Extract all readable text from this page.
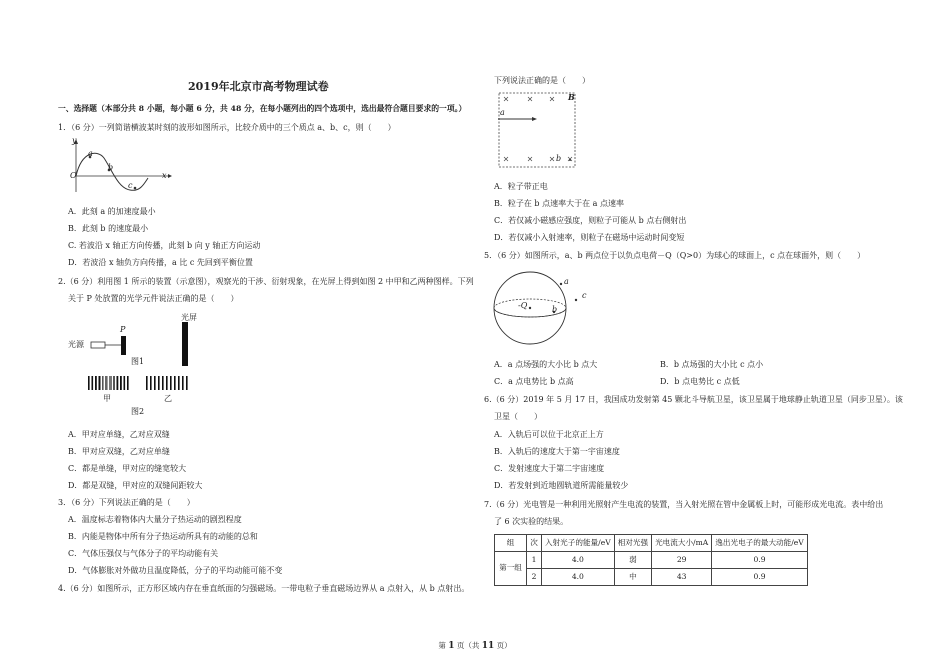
2019年北京市高考物理试卷
一、选择题（本部分共 8 小题，每小题 6 分，共 48 分，在每小题列出的四个选项中，选出最符合题目要求的一项。）
1．（6 分）一列简谐横波某时刻的波形如图所示，比较介质中的三个质点 a、b、c，则（　　）
y
O	x
a
b
c
A．此刻 a 的加速度最小
B．此刻 b 的速度最小
C. 若波沿 x 轴正方向传播，此刻 b 向 y 轴正方向运动
D．若波沿 x 轴负方向传播，a 比 c 先回到平衡位置
2.（6 分）利用图 1 所示的装置（示意图），观察光的干涉、衍射现象，在光屏上得到如图 2 中甲和乙两种图样。下列
关于 P 处放置的光学元件说法正确的是（　　）
光源
P
光屏
图1
甲	乙
图2
A．甲对应单缝，乙对应双缝
B．甲对应双缝，乙对应单缝
C．都是单缝，甲对应的缝宽较大
D．都是双缝，甲对应的双缝间距较大
3．（6 分）下列说法正确的是（　　）
A．温度标志着物体内大量分子热运动的剧烈程度
B．内能是物体中所有分子热运动所具有的动能的总和
C．气体压强仅与气体分子的平均动能有关
D．气体膨胀对外做功且温度降低，分子的平均动能可能不变
4.（6 分）如图所示，正方形区域内存在垂直纸面的匀强磁场。一带电粒子垂直磁场边界从 a 点射入，从 b 点射出。
下列说法正确的是（　　）
B
a
b
A．粒子带正电
B．粒子在 b 点速率大于在 a 点速率
C．若仅减小磁感应强度，则粒子可能从 b 点右侧射出
D．若仅减小入射速率，则粒子在磁场中运动时间变短
5．（6 分）如图所示，a、b 两点位于以负点电荷－Q（Q>0）为球心的球面上，c 点在球面外，则（　　）
-Q
a
b
c
A．a 点场强的大小比 b 点大	B．b 点场强的大小比 c 点小
C．a 点电势比 b 点高	D．b 点电势比 c 点低
6.（6 分）2019 年 5 月 17 日，我国成功发射第 45 颗北斗导航卫星，该卫星属于地球静止轨道卫星（同步卫星）。该
卫星（　　）
A．入轨后可以位于北京正上方
B．入轨后的速度大于第一宇宙速度
C．发射速度大于第二宇宙速度
D．若发射到近地圆轨道所需能量较少
7.（6 分）光电管是一种利用光照射产生电流的装置，当入射光照在管中金属板上时，可能形成光电流。表中给出
了 6 次实验的结果。
组	次	入射光子的能量/eV	相对光强	光电流大小/mA	逸出光电子的最大动能/eV
第一组	1	4.0	弱	29	0.9
	2	4.0	中	43	0.9
第 1 页（共 11 页）
